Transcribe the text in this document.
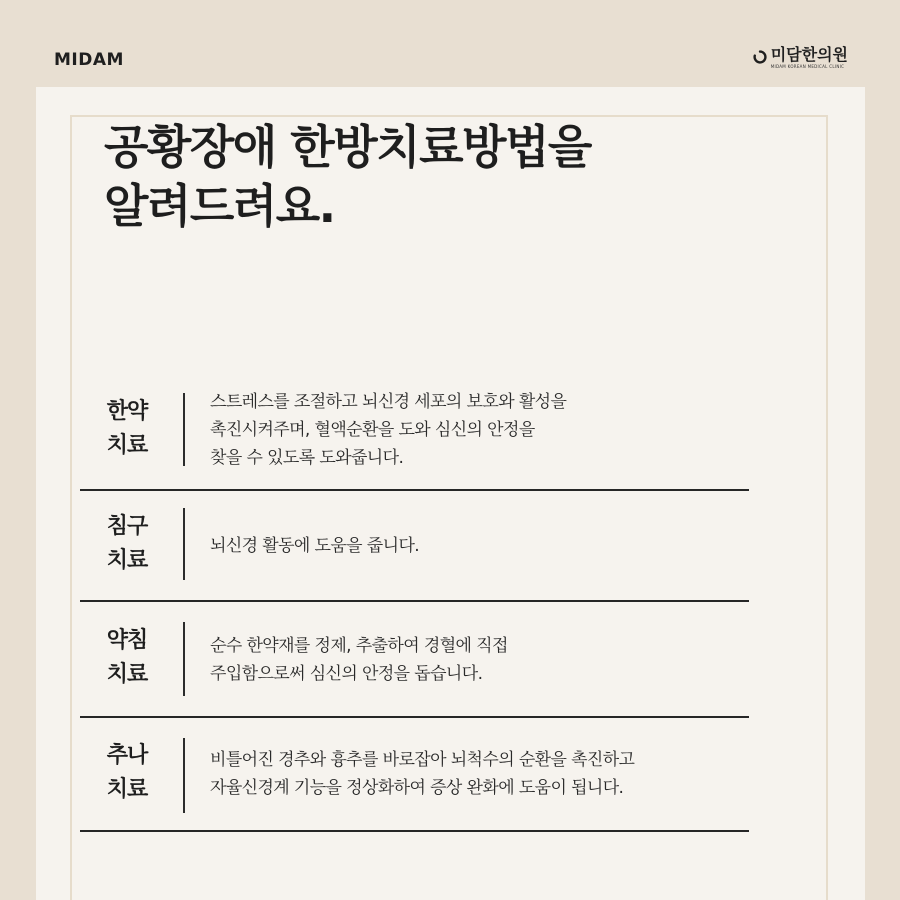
MIDAM	미담한의원
MIDAM KOREAN MEDICAL CLINIC
공황장애 한방치료방법을
알려드려요.
한약
치료
스트레스를 조절하고 뇌신경 세포의 보호와 활성을
촉진시켜주며, 혈액순환을 도와 심신의 안정을
찾을 수 있도록 도와줍니다.
침구
치료
뇌신경 활동에 도움을 줍니다.
약침
치료
순수 한약재를 정제, 추출하여 경혈에 직접
주입함으로써 심신의 안정을 돕습니다.
추나
치료
비틀어진 경추와 흉추를 바로잡아 뇌척수의 순환을 촉진하고
자율신경계 기능을 정상화하여 증상 완화에 도움이 됩니다.
